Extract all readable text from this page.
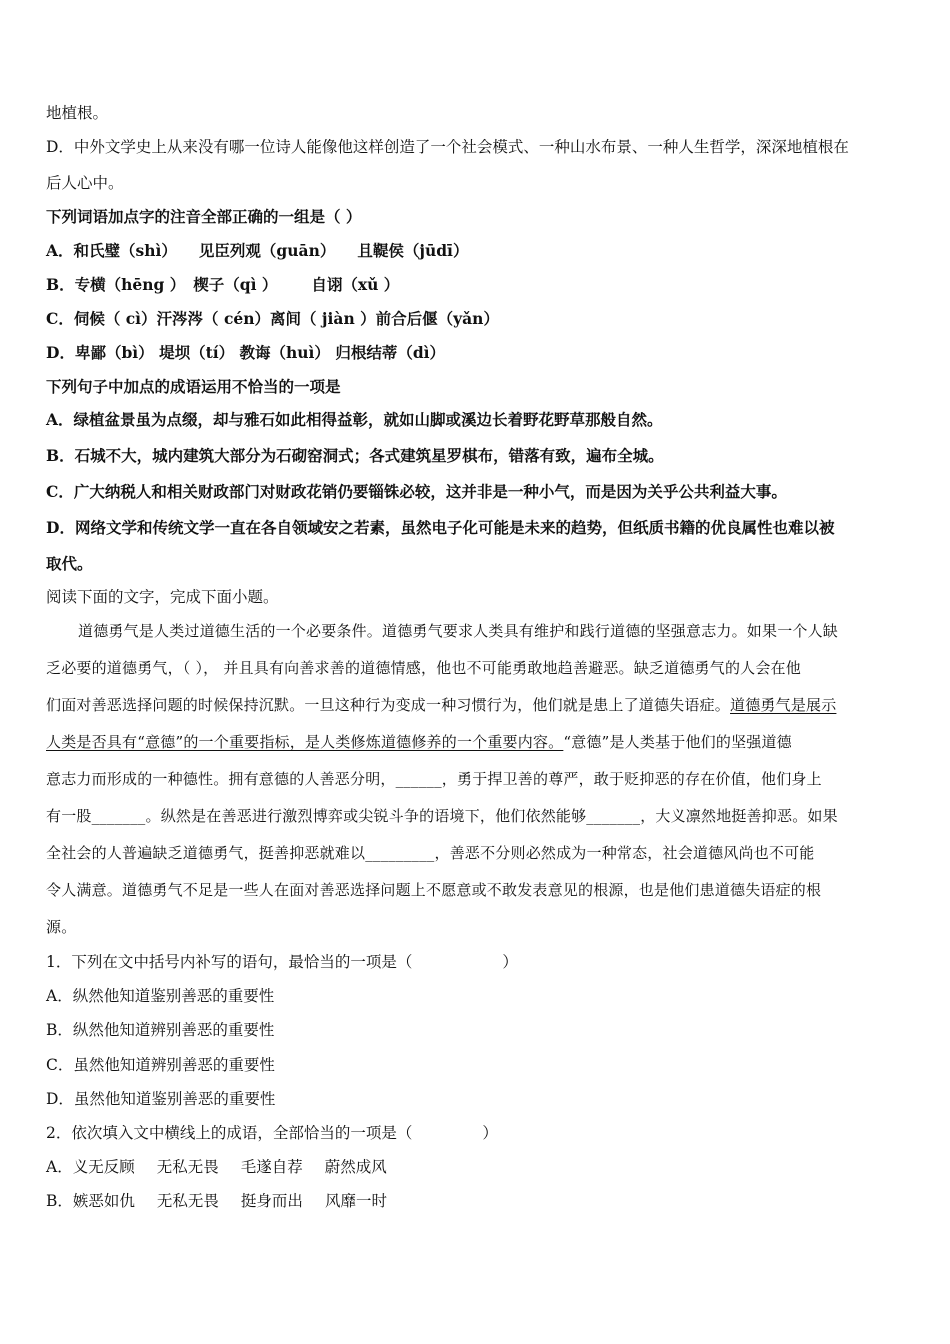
地植根。
D．中外文学史上从来没有哪一位诗人能像他这样创造了一个社会模式、一种山水布景、一种人生哲学，深深地植根在
后人心中。
下列词语加点字的注音全部正确的一组是（ ）
A．和氏璧（shì） 见臣列观（guān） 且鞮侯（jūdī）
B．专横（hēng ） 楔子（qì ） 自诩（xǔ ）
C．伺候（ cì）汗涔涔（ cén）离间（ jiàn ）前合后偃（yǎn）
D．卑鄙（bì） 堤坝（tí） 教诲（huì） 归根结蒂（dì）
下列句子中加点的成语运用不恰当的一项是
A．绿植盆景虽为点缀，却与雅石如此相得益彰，就如山脚或溪边长着野花野草那般自然。
B．石城不大，城内建筑大部分为石砌窑洞式；各式建筑星罗棋布，错落有致，遍布全城。
C．广大纳税人和相关财政部门对财政花销仍要锱铢必较，这并非是一种小气，而是因为关乎公共利益大事。
D．网络文学和传统文学一直在各自领域安之若素，虽然电子化可能是未来的趋势，但纸质书籍的优良属性也难以被
取代。
阅读下面的文字，完成下面小题。
道德勇气是人类过道德生活的一个必要条件。道德勇气要求人类具有维护和践行道德的坚强意志力。如果一个人缺
乏必要的道德勇气，（ ）， 并且具有向善求善的道德情感，他也不可能勇敢地趋善避恶。缺乏道德勇气的人会在他
们面对善恶选择问题的时候保持沉默。一旦这种行为变成一种习惯行为，他们就是患上了道德失语症。道德勇气是展示
人类是否具有“意德”的一个重要指标，是人类修炼道德修养的一个重要内容。“意德”是人类基于他们的坚强道德
意志力而形成的一种德性。拥有意德的人善恶分明，______，勇于捍卫善的尊严，敢于贬抑恶的存在价值，他们身上
有一股_______。纵然是在善恶进行激烈博弈或尖锐斗争的语境下，他们依然能够_______，大义凛然地挺善抑恶。如果
全社会的人普遍缺乏道德勇气，挺善抑恶就难以_________，善恶不分则必然成为一种常态，社会道德风尚也不可能
令人满意。道德勇气不足是一些人在面对善恶选择问题上不愿意或不敢发表意见的根源，也是他们患道德失语症的根
源。
1．下列在文中括号内补写的语句，最恰当的一项是（	）
A．纵然他知道鉴别善恶的重要性
B．纵然他知道辨别善恶的重要性
C．虽然他知道辨别善恶的重要性
D．虽然他知道鉴别善恶的重要性
2．依次填入文中横线上的成语，全部恰当的一项是（	）
A．义无反顾 无私无畏 毛遂自荐 蔚然成风
B．嫉恶如仇 无私无畏 挺身而出 风靡一时
